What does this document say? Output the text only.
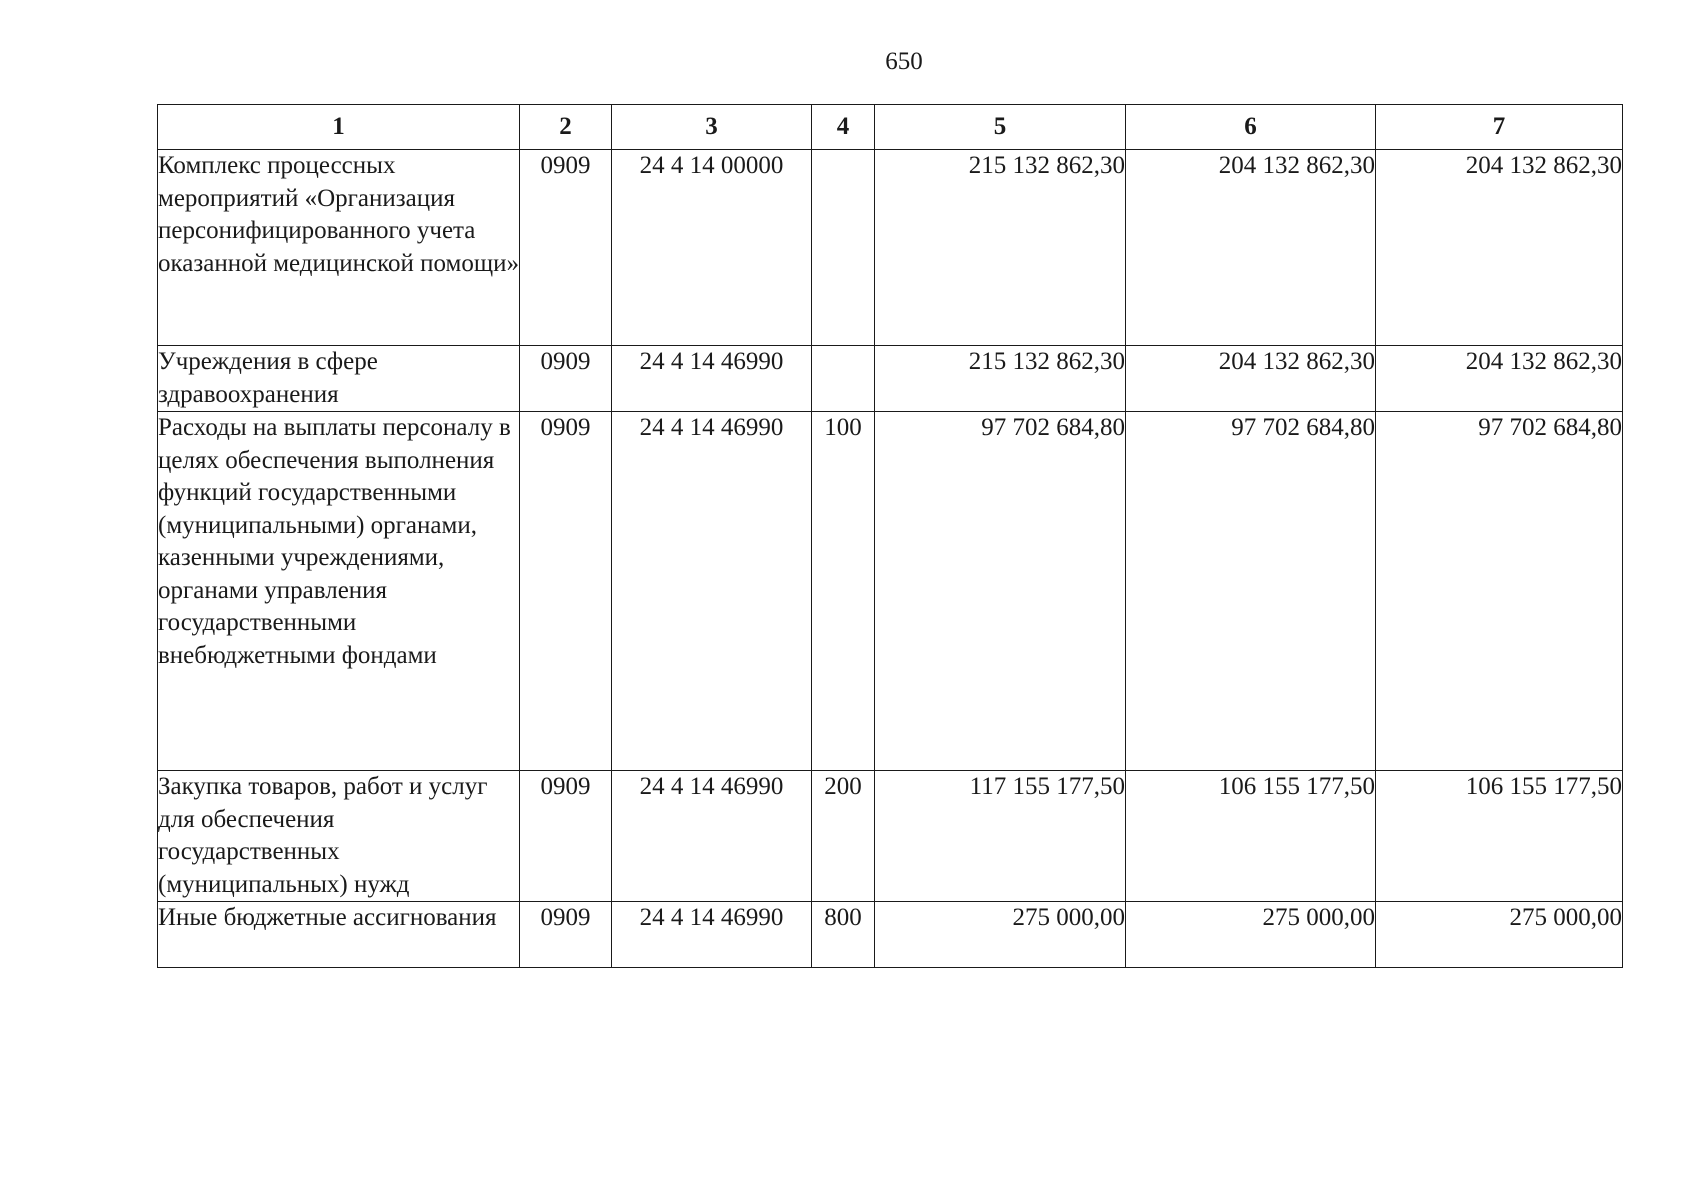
650
1	2	3	4	5	6	7
Комплекс процессных мероприятий «Организация персонифицированного учета оказанной медицинской помощи»	0909	24 4 14 00000		215 132 862,30	204 132 862,30	204 132 862,30
Учреждения в сфере здравоохранения	0909	24 4 14 46990		215 132 862,30	204 132 862,30	204 132 862,30
Расходы на выплаты персоналу в целях обеспечения выполнения функций государственными (муниципальными) органами, казенными учреждениями, органами управления государственными внебюджетными фондами	0909	24 4 14 46990	100	97 702 684,80	97 702 684,80	97 702 684,80
Закупка товаров, работ и услуг для обеспечения государственных (муниципальных) нужд	0909	24 4 14 46990	200	117 155 177,50	106 155 177,50	106 155 177,50
Иные бюджетные ассигнования	0909	24 4 14 46990	800	275 000,00	275 000,00	275 000,00
